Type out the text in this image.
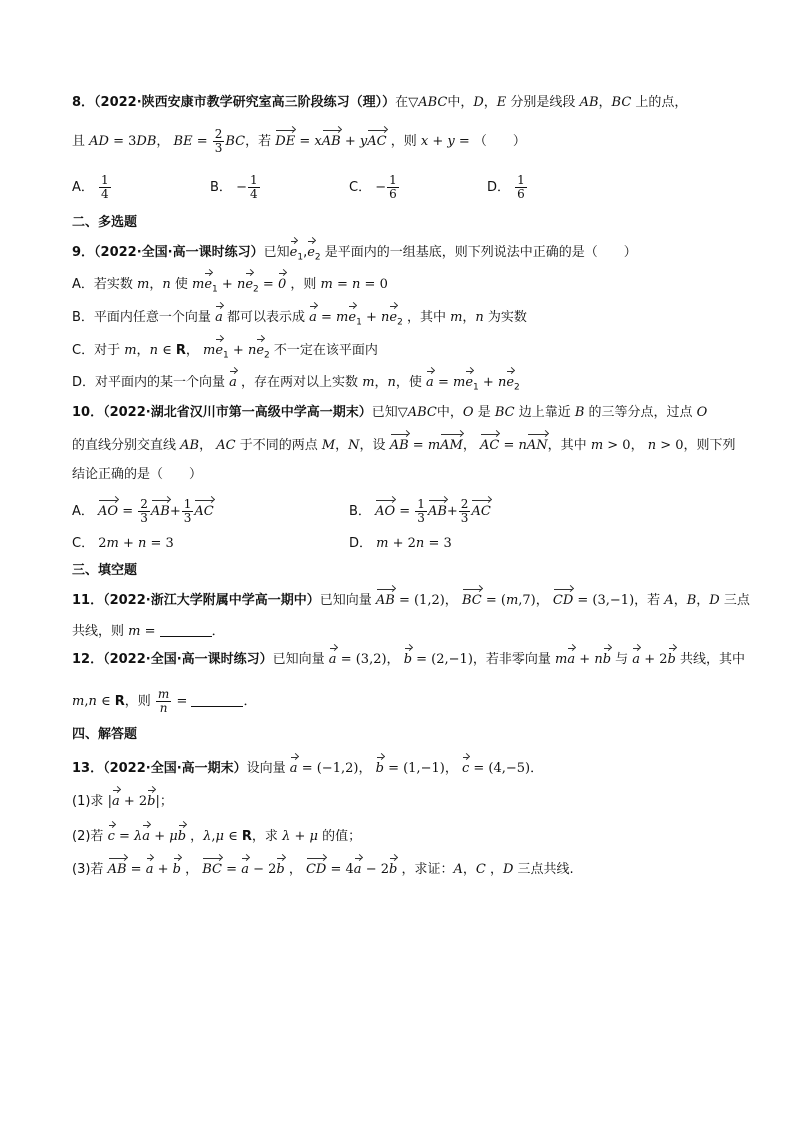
8．（2022·陕西安康市教学研究室高三阶段练习（理））在▽ABC中，D，E 分别是线段 AB，BC 上的点，
且 AD = 3DB， BE = $\frac{2}{3}$ BC，若 DE = xAB + yAC ，则 x + y = （　　）
A． $\frac{1}{4}$	B． − $\frac{1}{4}$	C． − $\frac{1}{6}$	D． $\frac{1}{6}$
二、多选题
9．（2022·全国·高一课时练习）已知$e_1,e_2$ 是平面内的一组基底，则下列说法中正确的是（　　）
A．若实数 m，n 使 $me_1 + ne_2 = 0$ ，则 m = n = 0
B．平面内任意一个向量 a 都可以表示成 $a = me_1 + ne_2$ ，其中 m，n 为实数
C．对于 m，n ∈ R， $me_1 + ne_2$ 不一定在该平面内
D．对平面内的某一个向量 a ，存在两对以上实数 m，n，使 $a = me_1 + ne_2$
10．（2022·湖北省汉川市第一高级中学高一期末）已知▽ABC中，O 是 BC 边上靠近 B 的三等分点，过点 O
的直线分别交直线 AB， AC 于不同的两点 M，N，设 AB = mAM， AC = nAN，其中 m > 0， n > 0，则下列
结论正确的是（　　）
A． AO = $\frac{2}{3} AB+ \frac{1}{3}$ AC	B． AO = $\frac{1}{3} AB+ \frac{2}{3}$ AC
C． 2m + n = 3	D． m + 2n = 3
三、填空题
11．（2022·浙江大学附属中学高一期中）已知向量 AB = (1,2)， BC = (m,7)， CD = (3,−1)，若 A，B，D 三点
共线，则 m =	．
12．（2022·全国·高一课时练习）已知向量 a = (3,2)， b = (2,−1)，若非零向量 ma + nb 与 a + 2b 共线，其中
m,n ∈ R，则 $\frac{m}{n}$ =	．
四、解答题
13．（2022·全国·高一期末）设向量 a = (−1,2)， b = (1,−1)， c = (4,−5)．
(1)求 |a + 2b|；
(2)若 c = λa + μb ，λ,μ ∈ R，求 λ + μ 的值；
(3)若 AB = a + b ， BC = a − 2b ， CD = 4a − 2b ，求证：A，C ，D 三点共线.
